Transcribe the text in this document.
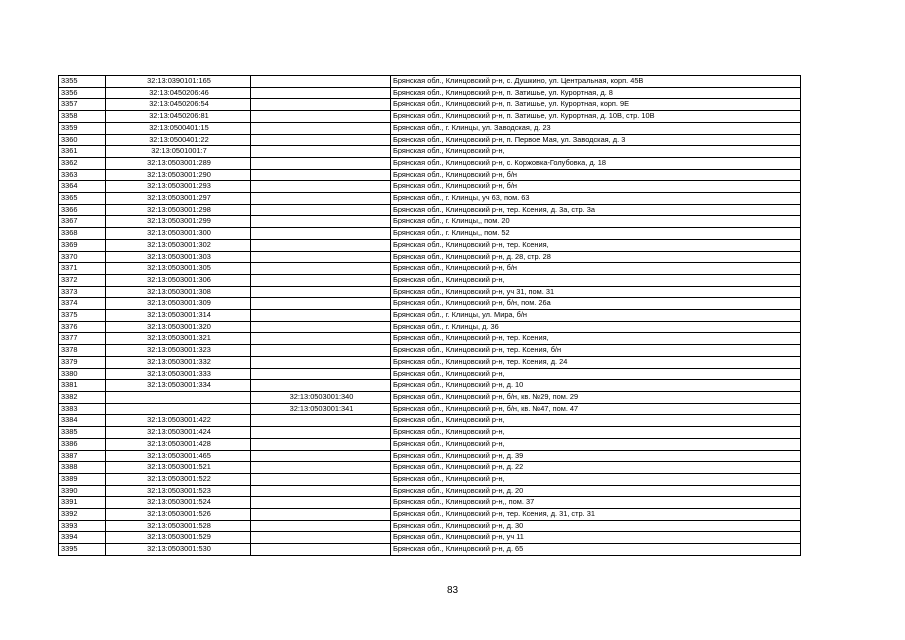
3355	32:13:0390101:165		Брянская обл., Клинцовский р-н, с. Душкино, ул. Центральная, корп. 45В
3356	32:13:0450206:46		Брянская обл., Клинцовский р-н, п. Затишье, ул. Курортная, д. 8
3357	32:13:0450206:54		Брянская обл., Клинцовский р-н, п. Затишье, ул. Курортная, корп. 9Е
3358	32:13:0450206:81		Брянская обл., Клинцовский р-н, п. Затишье, ул. Курортная, д. 10В, стр. 10В
3359	32:13:0500401:15		Брянская обл., г. Клинцы, ул. Заводская, д. 23
3360	32:13:0500401:22		Брянская обл., Клинцовский р-н, п. Первое Мая, ул. Заводская, д. 3
3361	32:13:0501001:7		Брянская обл., Клинцовский р-н,
3362	32:13:0503001:289		Брянская обл., Клинцовский р-н, с. Коржовка-Голубовка, д. 18
3363	32:13:0503001:290		Брянская обл., Клинцовский р-н, б/н
3364	32:13:0503001:293		Брянская обл., Клинцовский р-н, б/н
3365	32:13:0503001:297		Брянская обл., г. Клинцы, уч 63, пом. 63
3366	32:13:0503001:298		Брянская обл., Клинцовский р-н, тер. Ксения, д. 3а, стр. 3а
3367	32:13:0503001:299		Брянская обл., г. Клинцы,, пом. 20
3368	32:13:0503001:300		Брянская обл., г. Клинцы,, пом. 52
3369	32:13:0503001:302		Брянская обл., Клинцовский р-н, тер. Ксения,
3370	32:13:0503001:303		Брянская обл., Клинцовский р-н, д. 28, стр. 28
3371	32:13:0503001:305		Брянская обл., Клинцовский р-н, б/н
3372	32:13:0503001:306		Брянская обл., Клинцовский р-н,
3373	32:13:0503001:308		Брянская обл., Клинцовский р-н, уч 31, пом. 31
3374	32:13:0503001:309		Брянская обл., Клинцовский р-н, б/н, пом. 26а
3375	32:13:0503001:314		Брянская обл., г. Клинцы, ул. Мира, б/н
3376	32:13:0503001:320		Брянская обл., г. Клинцы, д. 36
3377	32:13:0503001:321		Брянская обл., Клинцовский р-н, тер. Ксения,
3378	32:13:0503001:323		Брянская обл., Клинцовский р-н, тер. Ксения, б/н
3379	32:13:0503001:332		Брянская обл., Клинцовский р-н, тер. Ксения, д. 24
3380	32:13:0503001:333		Брянская обл., Клинцовский р-н,
3381	32:13:0503001:334		Брянская обл., Клинцовский р-н, д. 10
3382		32:13:0503001:340	Брянская обл., Клинцовский р-н, б/н, кв. №29, пом. 29
3383		32:13:0503001:341	Брянская обл., Клинцовский р-н, б/н, кв. №47, пом. 47
3384	32:13:0503001:422		Брянская обл., Клинцовский р-н,
3385	32:13:0503001:424		Брянская обл., Клинцовский р-н,
3386	32:13:0503001:428		Брянская обл., Клинцовский р-н,
3387	32:13:0503001:465		Брянская обл., Клинцовский р-н, д. 39
3388	32:13:0503001:521		Брянская обл., Клинцовский р-н, д. 22
3389	32:13:0503001:522		Брянская обл., Клинцовский р-н,
3390	32:13:0503001:523		Брянская обл., Клинцовский р-н, д. 20
3391	32:13:0503001:524		Брянская обл., Клинцовский р-н,, пом. 37
3392	32:13:0503001:526		Брянская обл., Клинцовский р-н, тер. Ксения, д. 31, стр. 31
3393	32:13:0503001:528		Брянская обл., Клинцовский р-н, д. 30
3394	32:13:0503001:529		Брянская обл., Клинцовский р-н, уч 11
3395	32:13:0503001:530		Брянская обл., Клинцовский р-н, д. 65
83
